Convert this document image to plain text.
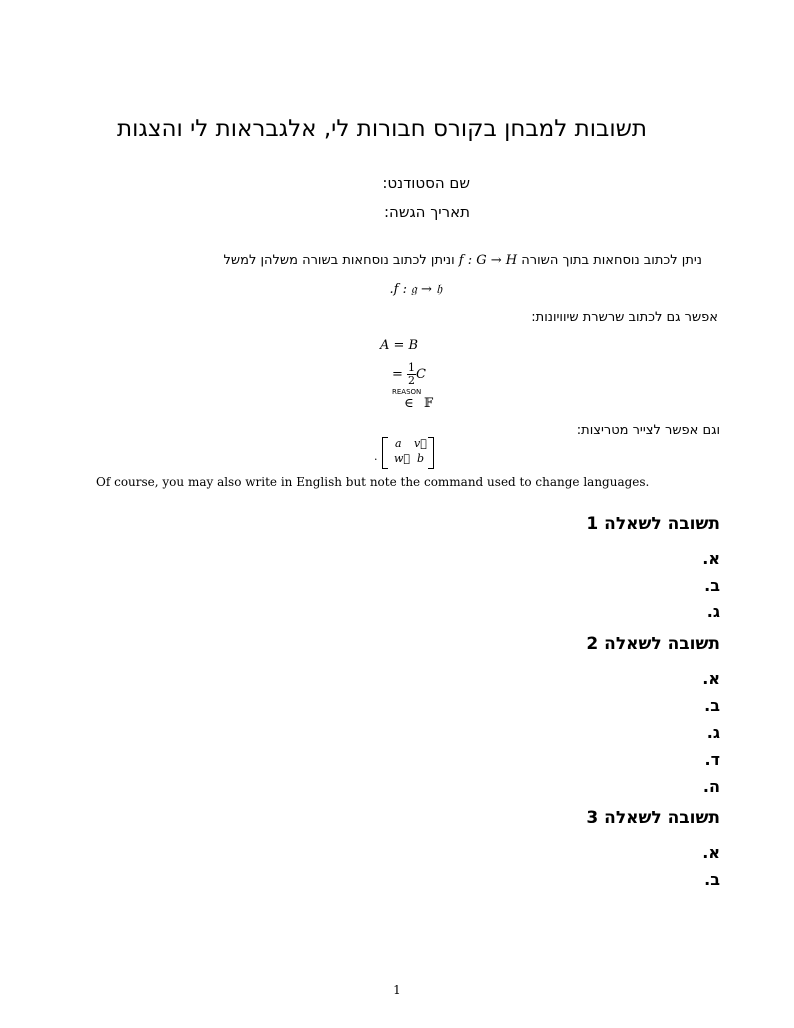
תשובות למבחן בקורס חבורות לי, אלגבראות לי והצגות
שם הסטודנט:
תאריך הגשה:
ניתן לכתוב נוסחאות בתוך השורה f : G → H וניתן לכתוב נוסחאות בשורה משלהן למשל
.f : 𝔤 → 𝔥
אפשר גם לכתוב שרשרת שיוויונות:
A = B
= $\frac{1}{2}$ C
REASON
∈ 𝔽
וגם אפשר לצייר מטריצות:
.
a v⃗
w⃗ b
Of course, you may also write in English but note the command used to change languages.
תשובה לשאלה 1
א.
ב.
ג.
תשובה לשאלה 2
א.
ב.
ג.
ד.
ה.
תשובה לשאלה 3
א.
ב.
1
